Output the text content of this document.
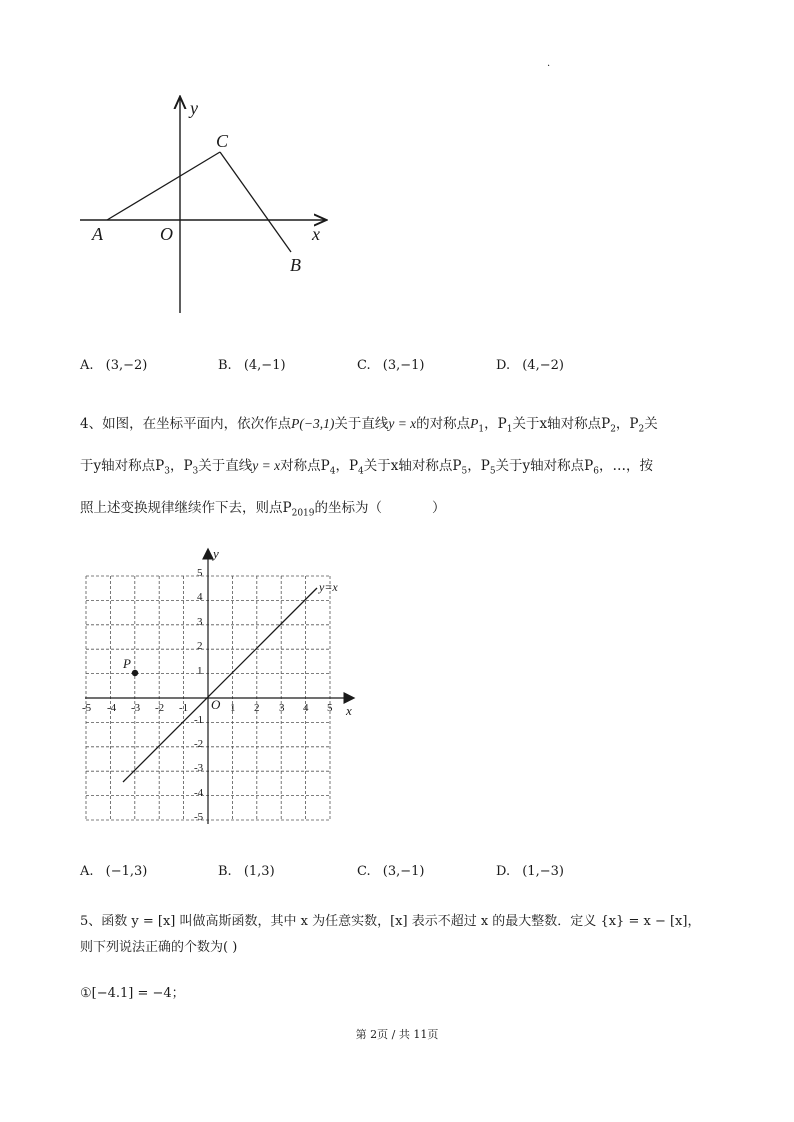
.
y
x
C
A	O
B
A. (3,−2)	B. (4,−1)	C. (3,−1)	D. (4,−2)
4、如图，在坐标平面内，依次作点P(−3,1)关于直线y = x的对称点$P_1$，$P_1$关于x轴对称点$P_2$，$P_2$关
于y轴对称点$P_3$，$P_3$关于直线y = x对称点$P_4$，$P_4$关于x轴对称点$P_5$，$P_5$关于y轴对称点$P_6$，…，按
照上述变换规律继续作下去，则点$P_{2019}$的坐标为（	）
y
x
O
P
y=x
-5 -4 -3 -2 -1	1 2 3 4 5
5
4
3
2
1
-1
-2
-3
-4
-5
A. (−1,3)	B. (1,3)	C. (3,−1)	D. (1,−3)
5、函数 y = [x] 叫做高斯函数，其中 x 为任意实数，[x] 表示不超过 x 的最大整数．定义 {x} = x − [x]，
则下列说法正确的个数为( )
①[−4.1] = −4；
第 2页 / 共 11页
